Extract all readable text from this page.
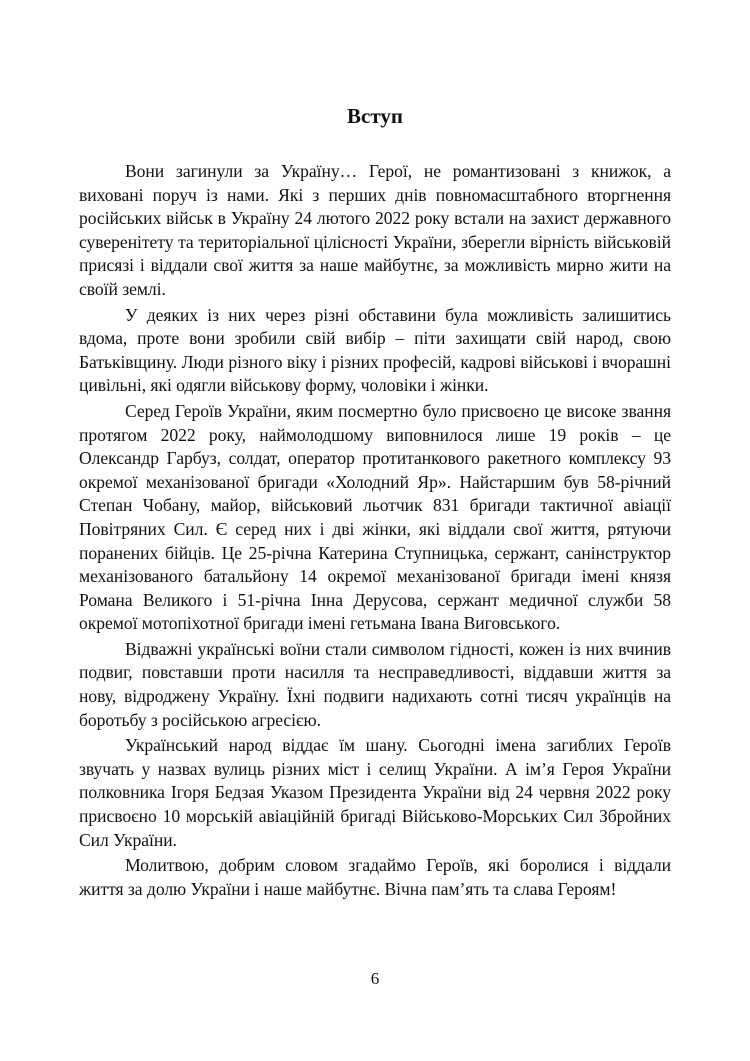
Вступ

Вони загинули за Україну… Герої, не романтизовані з книжок, а виховані поруч із нами. Які з перших днів повномасштабного вторгнення російських військ в Україну 24 лютого 2022 року встали на захист державного суверенітету та територіальної цілісності України, зберегли вірність військовій присязі і віддали свої життя за наше майбутнє, за можливість мирно жити на своїй землі.

У деяких із них через різні обставини була можливість залишитись вдома, проте вони зробили свій вибір – піти захищати свій народ, свою Батьківщину. Люди різного віку і різних професій, кадрові військові і вчорашні цивільні, які одягли військову форму, чоловіки і жінки.

Серед Героїв України, яким посмертно було присвоєно це високе звання протягом 2022 року, наймолодшому виповнилося лише 19 років – це Олександр Гарбуз, солдат, оператор протитанкового ракетного комплексу 93 окремої механізованої бригади «Холодний Яр». Найстаршим був 58-річний Степан Чобану, майор, військовий льотчик 831 бригади тактичної авіації Повітряних Сил. Є серед них і дві жінки, які віддали свої життя, рятуючи поранених бійців. Це 25-річна Катерина Ступницька, сержант, санінструктор механізованого батальйону 14 окремої механізованої бригади імені князя Романа Великого і 51-річна Інна Дерусова, сержант медичної служби 58 окремої мотопіхотної бригади імені гетьмана Івана Виговського.

Відважні українські воїни стали символом гідності, кожен із них вчинив подвиг, повставши проти насилля та несправедливості, віддавши життя за нову, відроджену Україну. Їхні подвиги надихають сотні тисяч українців на боротьбу з російською агресією.

Український народ віддає їм шану. Сьогодні імена загиблих Героїв звучать у назвах вулиць різних міст і селищ України. А ім’я Героя України полковника Ігоря Бедзая Указом Президента України від 24 червня 2022 року присвоєно 10 морській авіаційній бригаді Військово-Морських Сил Збройних Сил України.

Молитвою, добрим словом згадаймо Героїв, які боролися і віддали життя за долю України і наше майбутнє. Вічна пам’ять та слава Героям!

6
